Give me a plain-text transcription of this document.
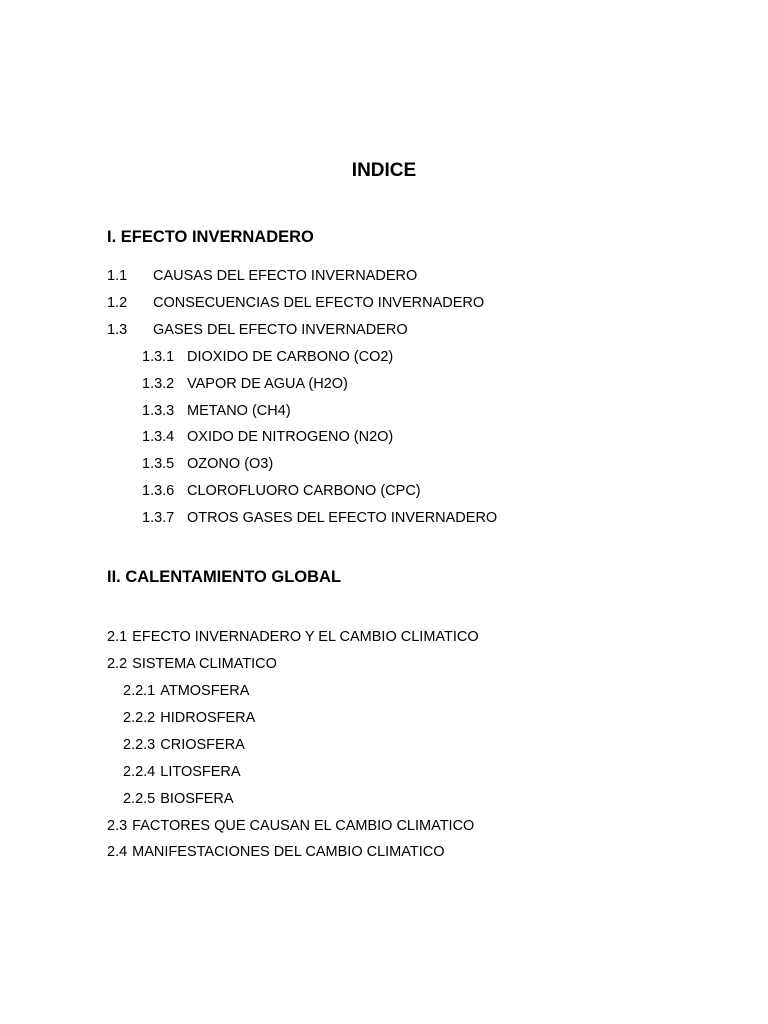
INDICE
I. EFECTO INVERNADERO
1.1 CAUSAS DEL EFECTO INVERNADERO
1.2 CONSECUENCIAS DEL EFECTO INVERNADERO
1.3 GASES DEL EFECTO INVERNADERO
1.3.1 DIOXIDO DE CARBONO (CO2)
1.3.2 VAPOR DE AGUA (H2O)
1.3.3 METANO (CH4)
1.3.4 OXIDO DE NITROGENO (N2O)
1.3.5 OZONO (O3)
1.3.6 CLOROFLUORO CARBONO (CPC)
1.3.7 OTROS GASES DEL EFECTO INVERNADERO
II. CALENTAMIENTO GLOBAL
2.1 EFECTO INVERNADERO Y EL CAMBIO CLIMATICO
2.2 SISTEMA CLIMATICO
2.2.1 ATMOSFERA
2.2.2 HIDROSFERA
2.2.3 CRIOSFERA
2.2.4 LITOSFERA
2.2.5 BIOSFERA
2.3 FACTORES QUE CAUSAN EL CAMBIO CLIMATICO
2.4 MANIFESTACIONES DEL CAMBIO CLIMATICO
